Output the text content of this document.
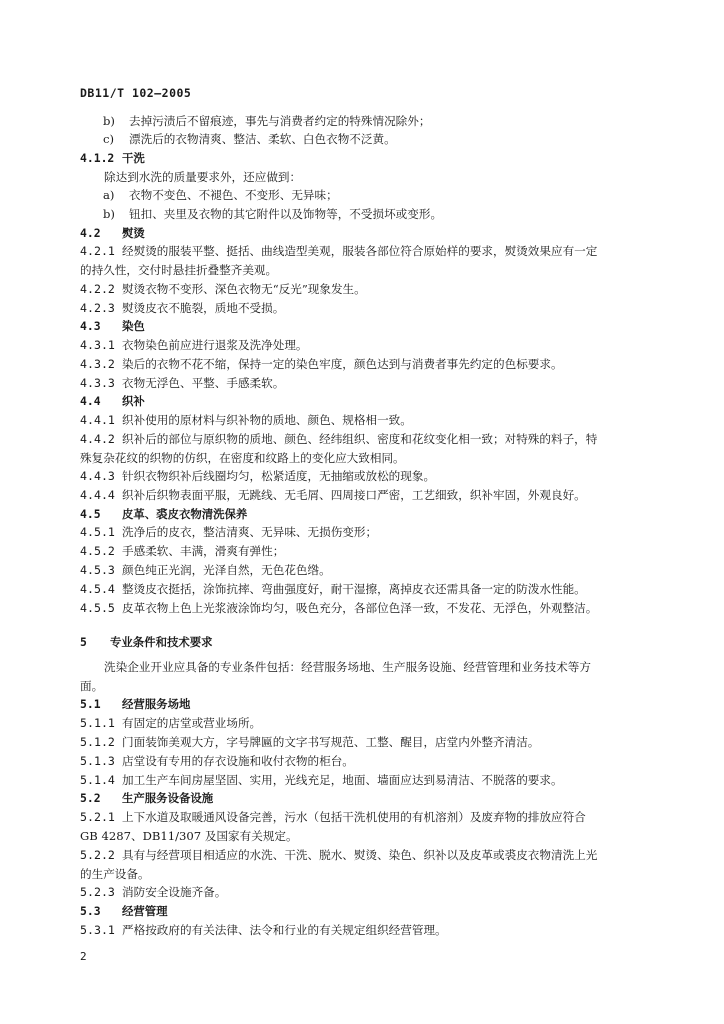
DB11/T 102—2005
b) 去掉污渍后不留痕迹，事先与消费者约定的特殊情况除外；
c) 漂洗后的衣物清爽、整洁、柔软、白色衣物不泛黄。
4.1.2 干洗
除达到水洗的质量要求外，还应做到：
a) 衣物不变色、不褪色、不变形、无异味；
b) 钮扣、夹里及衣物的其它附件以及饰物等，不受损坏或变形。
4.2 熨烫
4.2.1 经熨烫的服装平整、挺括、曲线造型美观，服装各部位符合原始样的要求，熨烫效果应有一定
的持久性，交付时悬挂折叠整齐美观。
4.2.2 熨烫衣物不变形、深色衣物无“反光”现象发生。
4.2.3 熨烫皮衣不脆裂，质地不受损。
4.3 染色
4.3.1 衣物染色前应进行退浆及洗净处理。
4.3.2 染后的衣物不花不缩，保持一定的染色牢度，颜色达到与消费者事先约定的色标要求。
4.3.3 衣物无浮色、平整、手感柔软。
4.4 织补
4.4.1 织补使用的原材料与织补物的质地、颜色、规格相一致。
4.4.2 织补后的部位与原织物的质地、颜色、经纬组织、密度和花纹变化相一致；对特殊的料子，特
殊复杂花纹的织物的仿织，在密度和纹路上的变化应大致相同。
4.4.3 针织衣物织补后线圈均匀，松紧适度，无抽缩或放松的现象。
4.4.4 织补后织物表面平服，无跳线、无毛屑、四周接口严密，工艺细致，织补牢固，外观良好。
4.5 皮革、裘皮衣物清洗保养
4.5.1 洗净后的皮衣，整洁清爽、无异味、无损伤变形；
4.5.2 手感柔软、丰满，滑爽有弹性；
4.5.3 颜色纯正光润，光泽自然，无色花色绺。
4.5.4 整烫皮衣挺括，涂饰抗摔、弯曲强度好，耐干湿擦，离掉皮衣还需具备一定的防泼水性能。
4.5.5 皮革衣物上色上光浆液涂饰均匀，吸色充分，各部位色泽一致，不发花、无浮色，外观整洁。
5 专业条件和技术要求
洗染企业开业应具备的专业条件包括：经营服务场地、生产服务设施、经营管理和业务技术等方
面。
5.1 经营服务场地
5.1.1 有固定的店堂或营业场所。
5.1.2 门面装饰美观大方，字号牌匾的文字书写规范、工整、醒目，店堂内外整齐清洁。
5.1.3 店堂设有专用的存衣设施和收付衣物的柜台。
5.1.4 加工生产车间房屋坚固、实用，光线充足，地面、墙面应达到易清洁、不脱落的要求。
5.2 生产服务设备设施
5.2.1 上下水道及取暖通风设备完善，污水（包括干洗机使用的有机溶剂）及废弃物的排放应符合
GB 4287、DB11/307 及国家有关规定。
5.2.2 具有与经营项目相适应的水洗、干洗、脱水、熨烫、染色、织补以及皮革或裘皮衣物清洗上光
的生产设备。
5.2.3 消防安全设施齐备。
5.3 经营管理
5.3.1 严格按政府的有关法律、法令和行业的有关规定组织经营管理。
2
